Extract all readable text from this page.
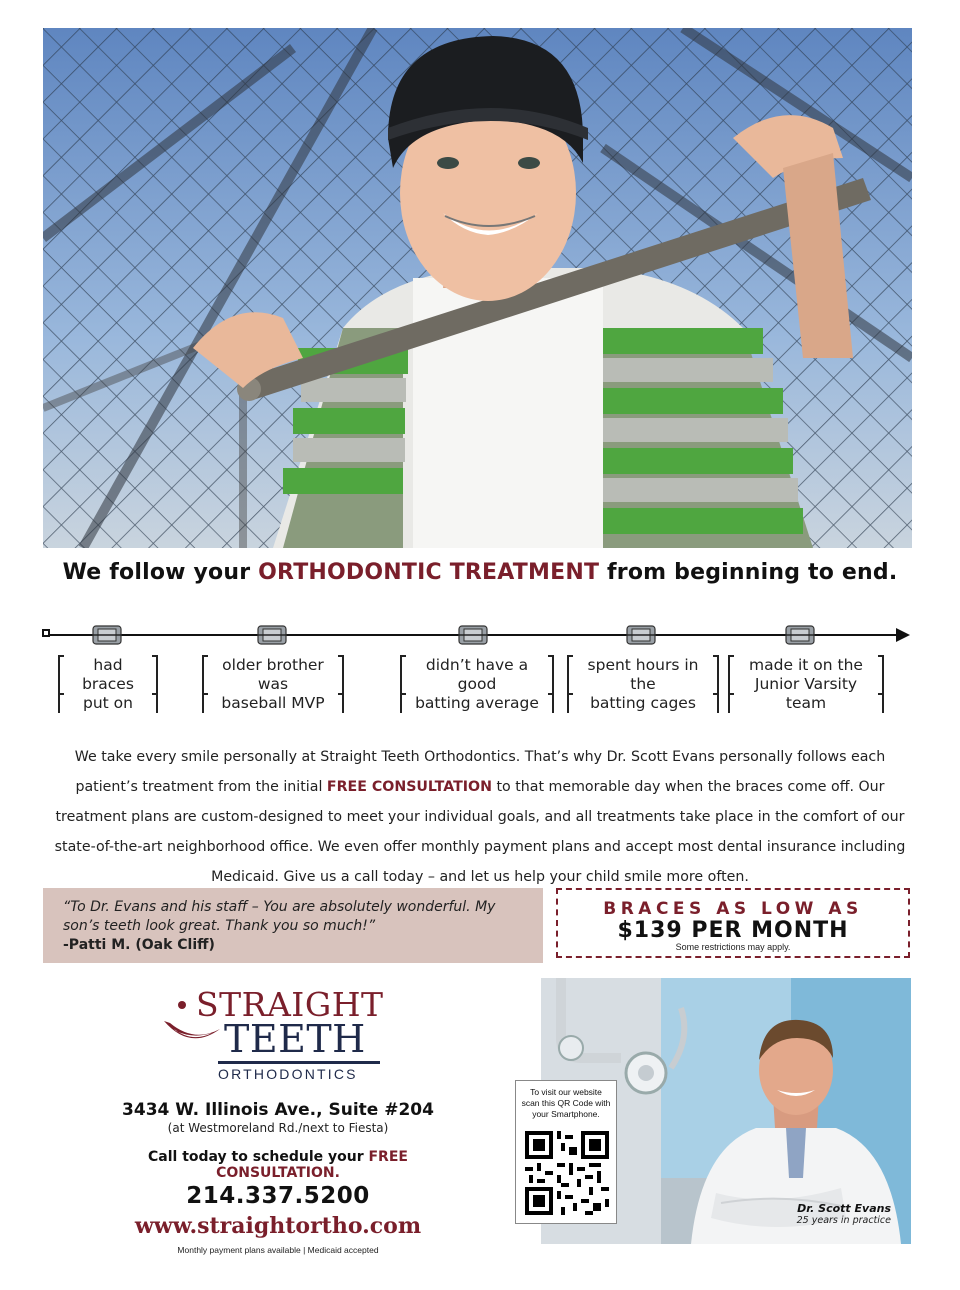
We follow your ORTHODONTIC TREATMENT from beginning to end.
had braces
put on
older brother was
baseball MVP
didn’t have a good
batting average
spent hours in the
batting cages
made it on the
Junior Varsity team
We take every smile personally at Straight Teeth Orthodontics. That’s why Dr. Scott Evans personally follows each patient’s treatment from the initial FREE CONSULTATION to that memorable day when the braces come off. Our treatment plans are custom-designed to meet your individual goals, and all treatments take place in the comfort of our state-of-the-art neighborhood office. We even offer monthly payment plans and accept most dental insurance including Medicaid. Give us a call today – and let us help your child smile more often.
“To Dr. Evans and his staff – You are absolutely wonderful. My son’s teeth look great. Thank you so much!”
-Patti M. (Oak Cliff)
BRACES AS LOW AS
$139 PER MONTH
Some restrictions may apply.
STRAIGHT
TEETH
ORTHODONTICS
3434 W. Illinois Ave., Suite #204
(at Westmoreland Rd./next to Fiesta)
Call today to schedule your FREE CONSULTATION.
214.337.5200
www.straightortho.com
Monthly payment plans available | Medicaid accepted
Dr. Scott Evans
25 years in practice
To visit our website scan this QR Code with your Smartphone.
